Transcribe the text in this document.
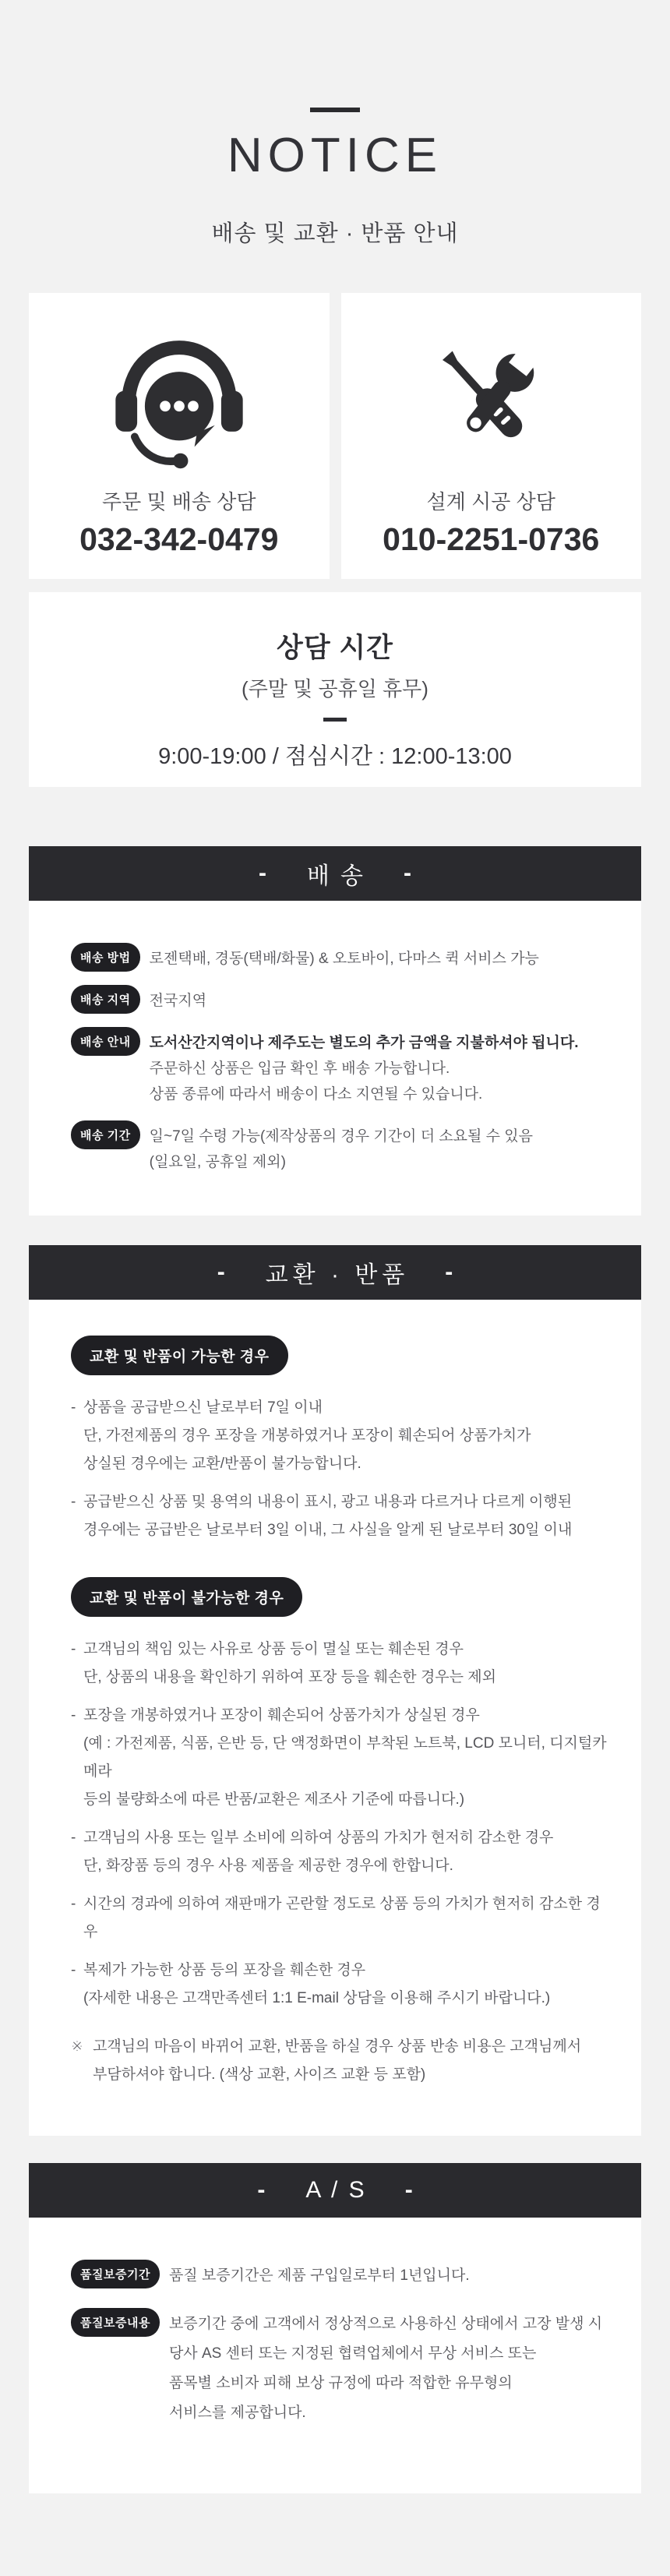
NOTICE
배송 및 교환 · 반품 안내
주문 및 배송 상담
032-342-0479
설계 시공 상담
010-2251-0736
상담 시간
(주말 및 공휴일 휴무)
9:00-19:00 / 점심시간 : 12:00-13:00
- 배송 -
배송 방법	로젠택배, 경동(택배/화물) & 오토바이, 다마스 퀵 서비스 가능
배송 지역	전국지역
배송 안내	도서산간지역이나 제주도는 별도의 추가 금액을 지불하셔야 됩니다.
주문하신 상품은 입금 확인 후 배송 가능합니다.
상품 종류에 따라서 배송이 다소 지연될 수 있습니다.
배송 기간	일~7일 수령 가능(제작상품의 경우 기간이 더 소요될 수 있음
(일요일, 공휴일 제외)
- 교환 · 반품 -
교환 및 반품이 가능한 경우
- 상품을 공급받으신 날로부터 7일 이내
단, 가전제품의 경우 포장을 개봉하였거나 포장이 훼손되어 상품가치가
상실된 경우에는 교환/반품이 불가능합니다.
- 공급받으신 상품 및 용역의 내용이 표시, 광고 내용과 다르거나 다르게 이행된
경우에는 공급받은 날로부터 3일 이내, 그 사실을 알게 된 날로부터 30일 이내
교환 및 반품이 불가능한 경우
- 고객님의 책임 있는 사유로 상품 등이 멸실 또는 훼손된 경우
단, 상품의 내용을 확인하기 위하여 포장 등을 훼손한 경우는 제외
- 포장을 개봉하였거나 포장이 훼손되어 상품가치가 상실된 경우
(예 : 가전제품, 식품, 은반 등, 단 액정화면이 부착된 노트북, LCD 모니터, 디지털카메라
등의 불량화소에 따른 반품/교환은 제조사 기준에 따릅니다.)
- 고객님의 사용 또는 일부 소비에 의하여 상품의 가치가 현저히 감소한 경우
단, 화장품 등의 경우 사용 제품을 제공한 경우에 한합니다.
- 시간의 경과에 의하여 재판매가 곤란할 정도로 상품 등의 가치가 현저히 감소한 경우
- 복제가 가능한 상품 등의 포장을 훼손한 경우
(자세한 내용은 고객만족센터 1:1 E-mail 상담을 이용해 주시기 바랍니다.)
※ 고객님의 마음이 바뀌어 교환, 반품을 하실 경우 상품 반송 비용은 고객님께서
부담하셔야 합니다. (색상 교환, 사이즈 교환 등 포함)
- A / S -
품질보증기간	품질 보증기간은 제품 구입일로부터 1년입니다.
품질보증내용	보증기간 중에 고객에서 정상적으로 사용하신 상태에서 고장 발생 시
당사 AS 센터 또는 지정된 협력업체에서 무상 서비스 또는
품목별 소비자 피해 보상 규정에 따라 적합한 유무형의
서비스를 제공합니다.
